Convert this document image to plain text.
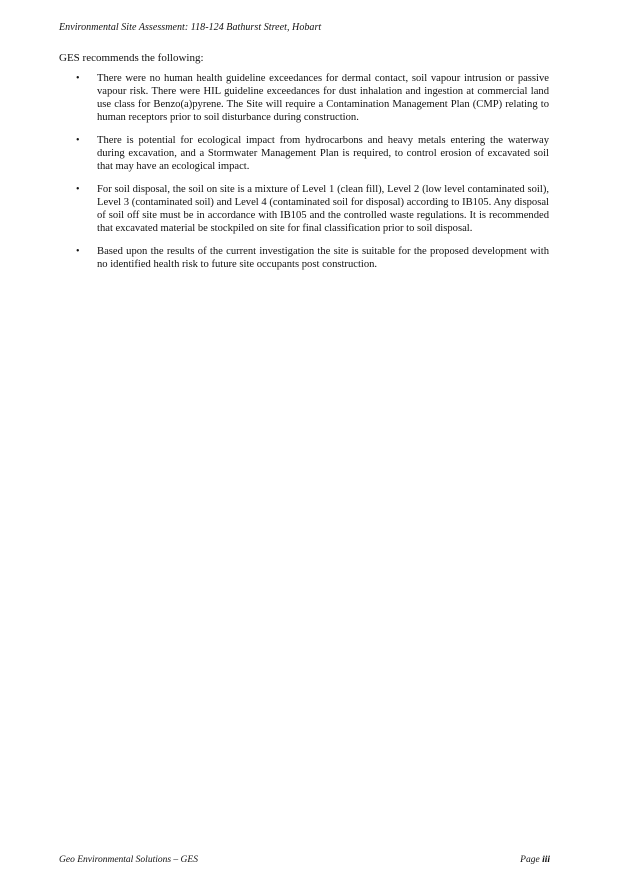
Environmental Site Assessment: 118-124 Bathurst Street, Hobart
GES recommends the following:
• There were no human health guideline exceedances for dermal contact, soil vapour intrusion or passive vapour risk. There were HIL guideline exceedances for dust inhalation and ingestion at commercial land use class for Benzo(a)pyrene. The Site will require a Contamination Management Plan (CMP) relating to human receptors prior to soil disturbance during construction.
• There is potential for ecological impact from hydrocarbons and heavy metals entering the waterway during excavation, and a Stormwater Management Plan is required, to control erosion of excavated soil that may have an ecological impact.
• For soil disposal, the soil on site is a mixture of Level 1 (clean fill), Level 2 (low level contaminated soil), Level 3 (contaminated soil) and Level 4 (contaminated soil for disposal) according to IB105. Any disposal of soil off site must be in accordance with IB105 and the controlled waste regulations. It is recommended that excavated material be stockpiled on site for final classification prior to soil disposal.
• Based upon the results of the current investigation the site is suitable for the proposed development with no identified health risk to future site occupants post construction.
Geo Environmental Solutions – GES	Page iii
